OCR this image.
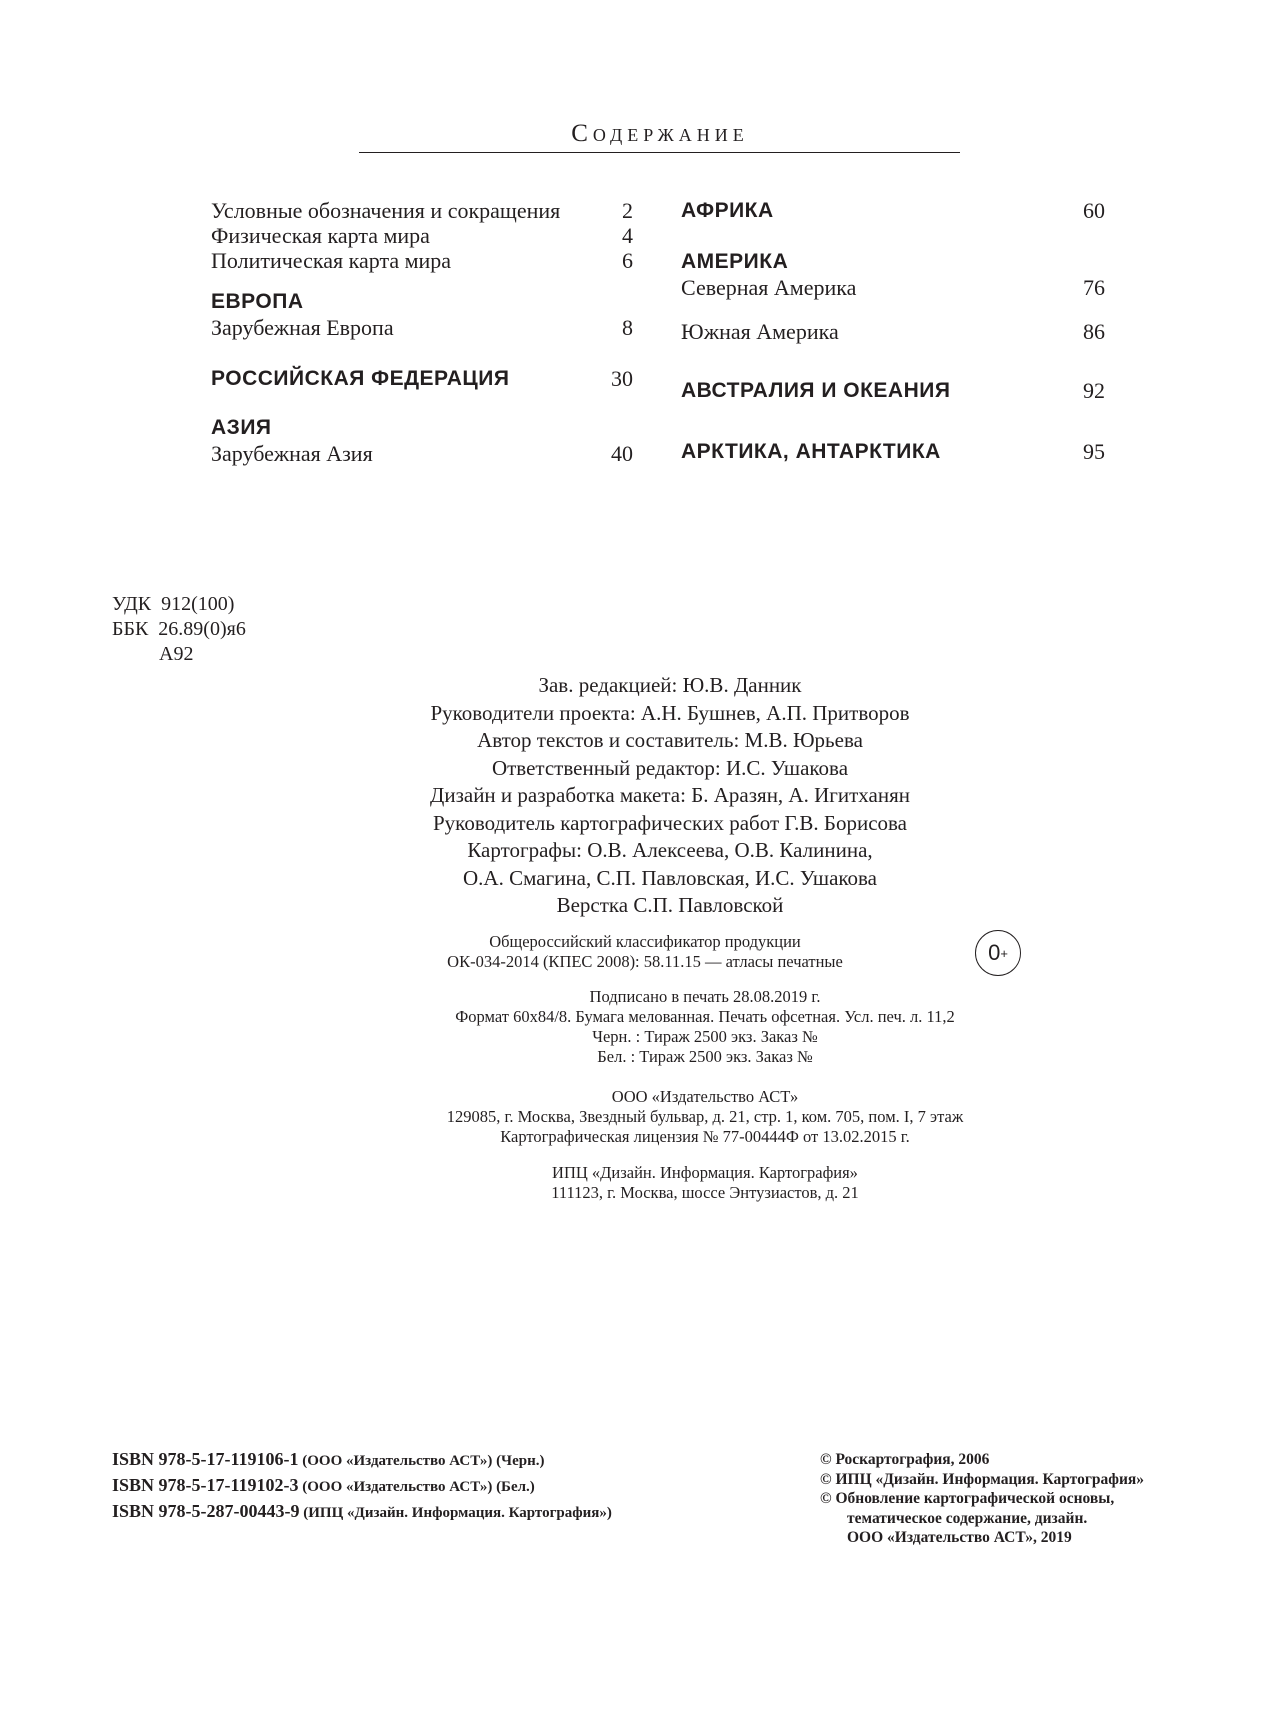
Содержание
Условные обозначения и сокращения	2
Физическая карта мира	4
Политическая карта мира	6
ЕВРОПА
Зарубежная Европа	8
РОССИЙСКАЯ ФЕДЕРАЦИЯ	30
АЗИЯ
Зарубежная Азия	40
АФРИКА	60
АМЕРИКА
Северная Америка	76
Южная Америка	86
АВСТРАЛИЯ И ОКЕАНИЯ	92
АРКТИКА, АНТАРКТИКА	95
УДК  912(100)
ББК  26.89(0)я6
А92
Зав. редакцией: Ю.В. Данник
Руководители проекта: А.Н. Бушнев, А.П. Притворов
Автор текстов и составитель: М.В. Юрьева
Ответственный редактор: И.С. Ушакова
Дизайн и разработка макета: Б. Аразян, А. Игитханян
Руководитель картографических работ Г.В. Борисова
Картографы: О.В. Алексеева, О.В. Калинина,
О.А. Смагина, С.П. Павловская, И.С. Ушакова
Верстка С.П. Павловской
Общероссийский классификатор продукции
ОК-034-2014 (КПЕС 2008): 58.11.15 — атласы печатные	0+
Подписано в печать 28.08.2019 г.
Формат 60х84/8. Бумага мелованная. Печать офсетная. Усл. печ. л. 11,2
Черн. : Тираж 2500 экз. Заказ №
Бел. : Тираж 2500 экз. Заказ №
ООО «Издательство АСТ»
129085, г. Москва, Звездный бульвар, д. 21, стр. 1, ком. 705, пом. I, 7 этаж
Картографическая лицензия № 77-00444Ф от 13.02.2015 г.
ИПЦ «Дизайн. Информация. Картография»
111123, г. Москва, шоссе Энтузиастов, д. 21
ISBN 978-5-17-119106-1 (ООО «Издательство АСТ») (Черн.)
ISBN 978-5-17-119102-3 (ООО «Издательство АСТ») (Бел.)
ISBN 978-5-287-00443-9 (ИПЦ «Дизайн. Информация. Картография»)
© Роскартография, 2006
© ИПЦ «Дизайн. Информация. Картография»
© Обновление картографической основы,
тематическое содержание, дизайн.
ООО «Издательство АСТ», 2019
